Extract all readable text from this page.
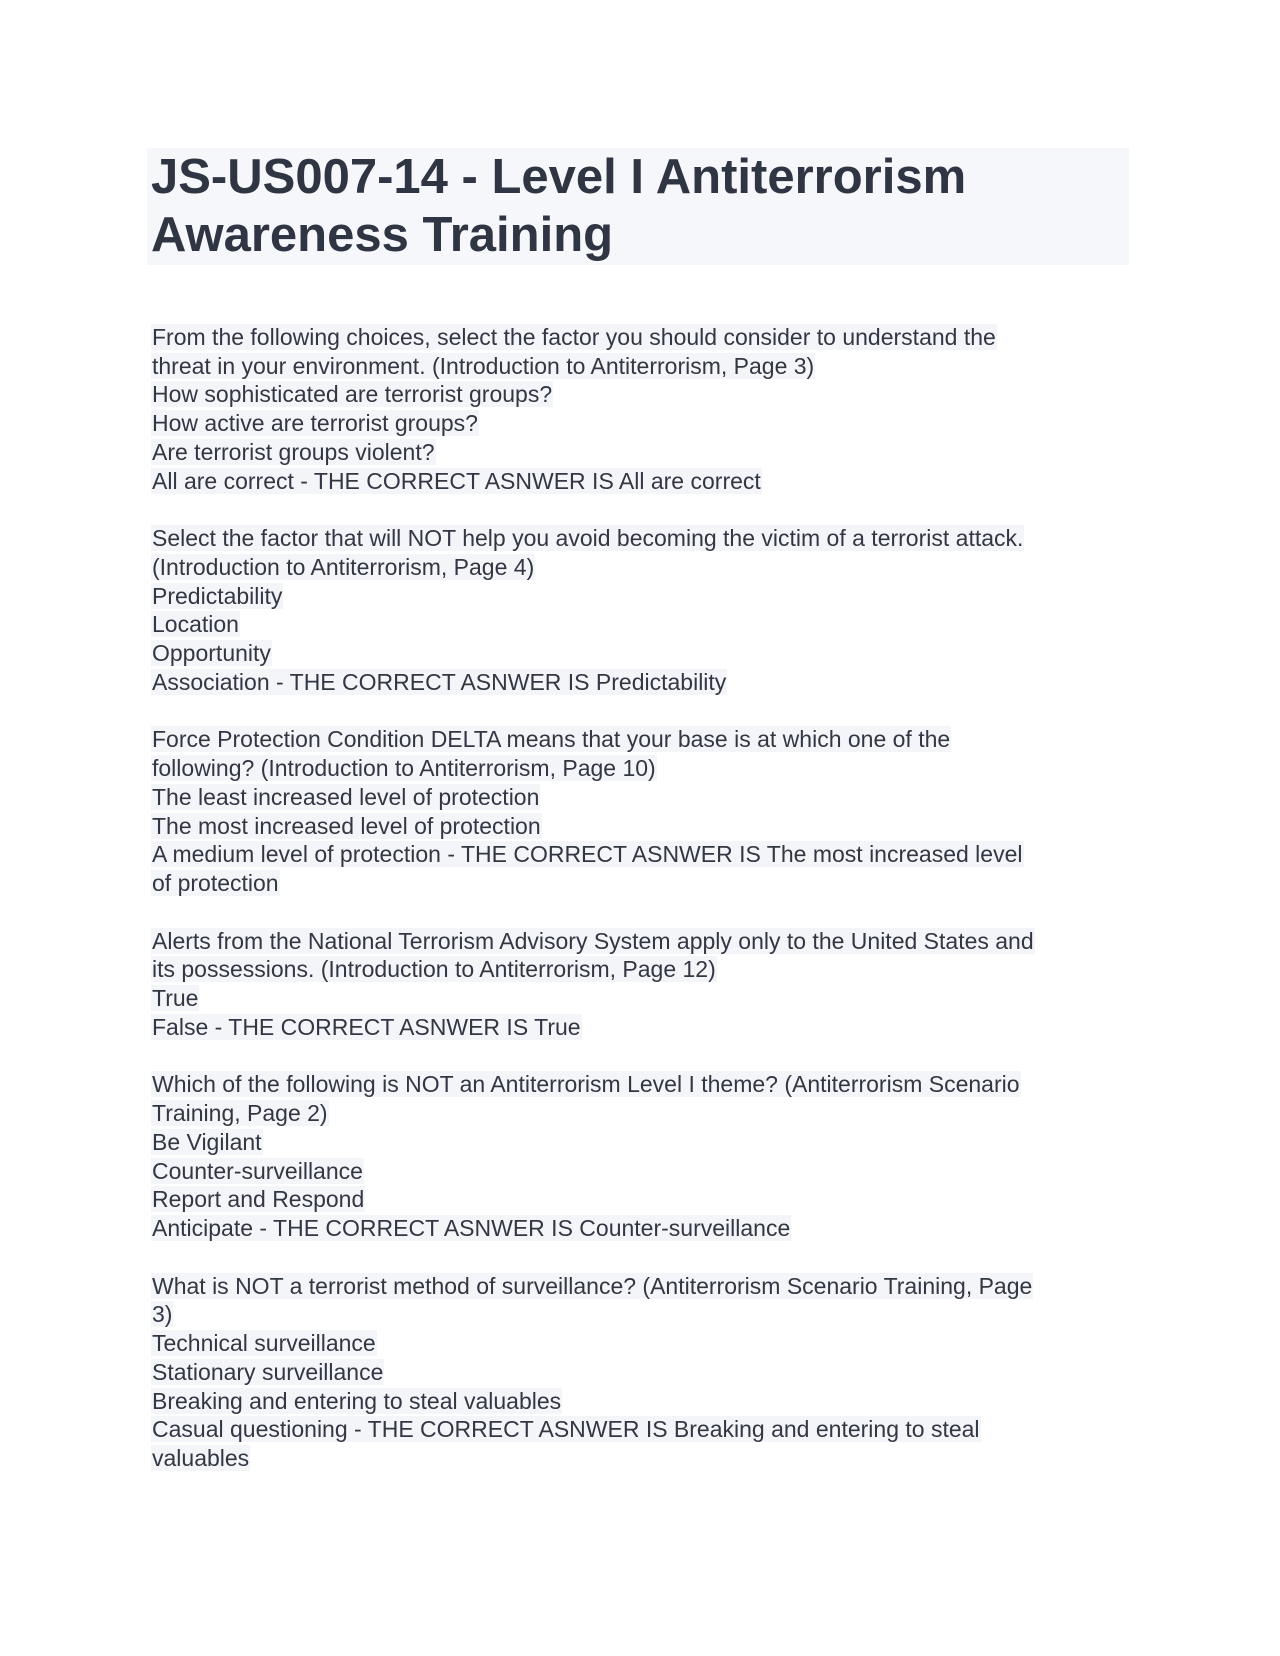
JS-US007-14 - Level I Antiterrorism
Awareness Training
From the following choices, select the factor you should consider to understand the
threat in your environment. (Introduction to Antiterrorism, Page 3)
How sophisticated are terrorist groups?
How active are terrorist groups?
Are terrorist groups violent?
All are correct - THE CORRECT ASNWER IS All are correct
Select the factor that will NOT help you avoid becoming the victim of a terrorist attack.
(Introduction to Antiterrorism, Page 4)
Predictability
Location
Opportunity
Association - THE CORRECT ASNWER IS Predictability
Force Protection Condition DELTA means that your base is at which one of the
following? (Introduction to Antiterrorism, Page 10)
The least increased level of protection
The most increased level of protection
A medium level of protection - THE CORRECT ASNWER IS The most increased level
of protection
Alerts from the National Terrorism Advisory System apply only to the United States and
its possessions. (Introduction to Antiterrorism, Page 12)
True
False - THE CORRECT ASNWER IS True
Which of the following is NOT an Antiterrorism Level I theme? (Antiterrorism Scenario
Training, Page 2)
Be Vigilant
Counter-surveillance
Report and Respond
Anticipate - THE CORRECT ASNWER IS Counter-surveillance
What is NOT a terrorist method of surveillance? (Antiterrorism Scenario Training, Page
3)
Technical surveillance
Stationary surveillance
Breaking and entering to steal valuables
Casual questioning - THE CORRECT ASNWER IS Breaking and entering to steal
valuables
